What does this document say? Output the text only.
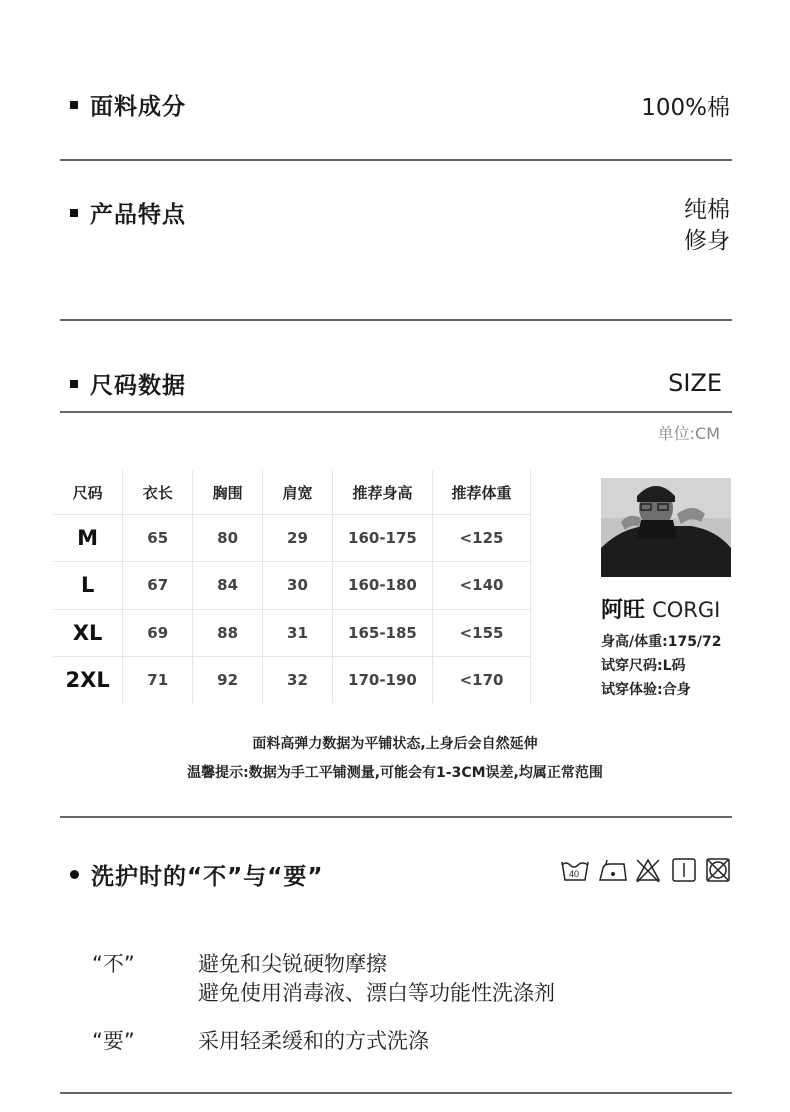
面料成分	100%棉
产品特点	纯棉
修身
尺码数据	SIZE
单位:CM
尺码	衣长	胸围	肩宽	推荐身高	推荐体重
M	65	80	29	160-175	<125
L	67	84	30	160-180	<140
XL	69	88	31	165-185	<155
2XL	71	92	32	170-190	<170
阿旺 CORGI
身高/体重:175/72
试穿尺码:L码
试穿体验:合身
面料高弹力数据为平铺状态,上身后会自然延伸
温馨提示:数据为手工平铺测量,可能会有1-3CM误差,均属正常范围
洗护时的“不”与“要”	40
“不”	避免和尖锐硬物摩擦
避免使用消毒液、漂白等功能性洗涤剂
“要”	采用轻柔缓和的方式洗涤
